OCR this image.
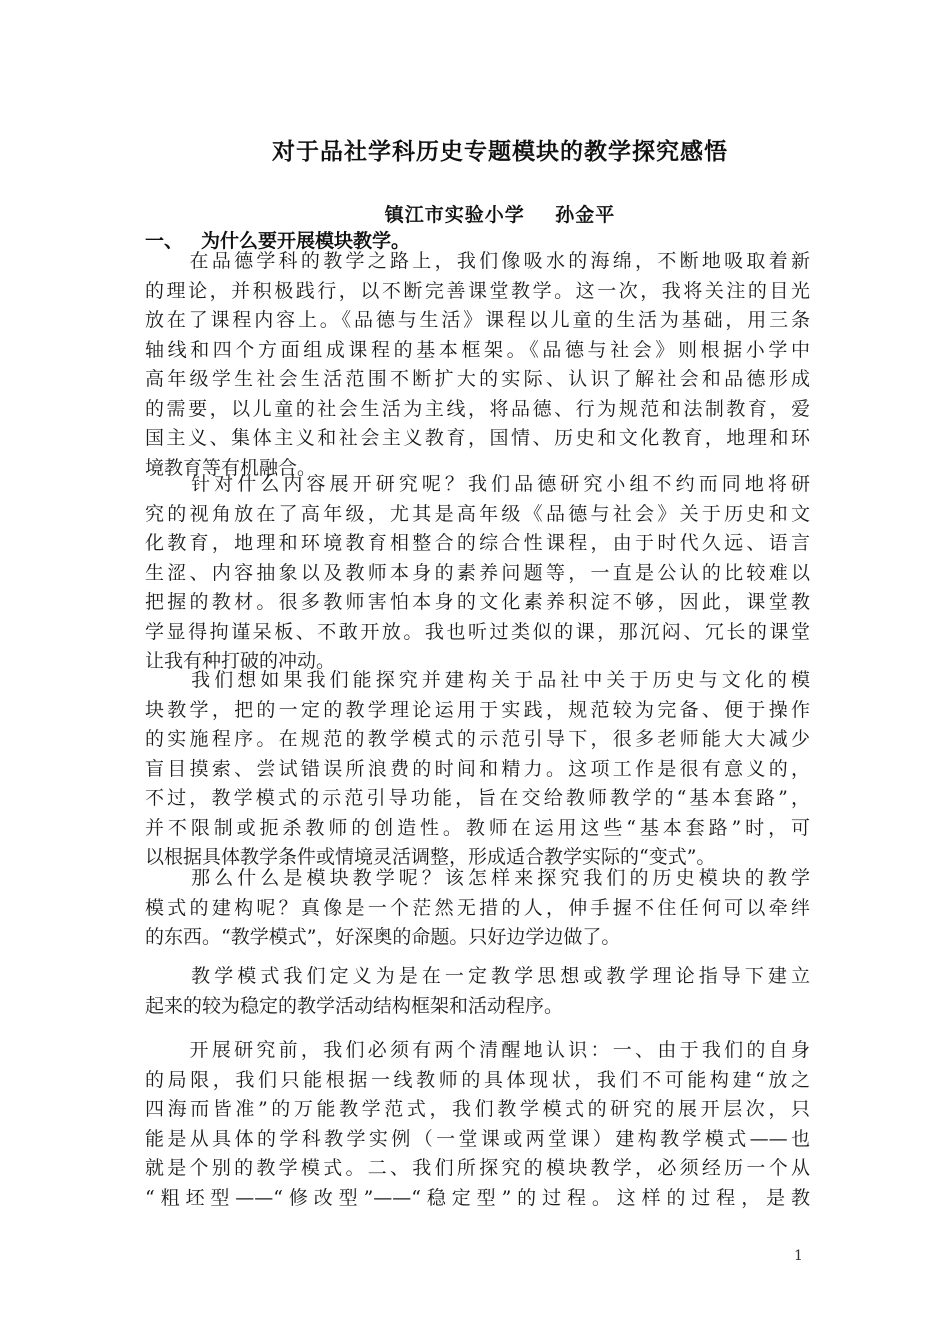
对于品社学科历史专题模块的教学探究感悟
镇江市实验小学    孙金平
一、 为什么要开展模块教学。
　　在品德学科的教学之路上，我们像吸水的海绵，不断地吸取着新
的理论，并积极践行，以不断完善课堂教学。这一次，我将关注的目光
放在了课程内容上。《品德与生活》课程以儿童的生活为基础，用三条
轴线和四个方面组成课程的基本框架。《品德与社会》则根据小学中
高年级学生社会生活范围不断扩大的实际、认识了解社会和品德形成
的需要，以儿童的社会生活为主线，将品德、行为规范和法制教育，爱
国主义、集体主义和社会主义教育，国情、历史和文化教育，地理和环
境教育等有机融合。
　　针对什么内容展开研究呢？我们品德研究小组不约而同地将研
究的视角放在了高年级，尤其是高年级《品德与社会》关于历史和文
化教育，地理和环境教育相整合的综合性课程，由于时代久远、语言
生涩、内容抽象以及教师本身的素养问题等，一直是公认的比较难以
把握的教材。很多教师害怕本身的文化素养积淀不够，因此，课堂教
学显得拘谨呆板、不敢开放。我也听过类似的课，那沉闷、冗长的课堂
让我有种打破的冲动。
　　我们想如果我们能探究并建构关于品社中关于历史与文化的模
块教学，把的一定的教学理论运用于实践，规范较为完备、便于操作
的实施程序。在规范的教学模式的示范引导下，很多老师能大大减少
盲目摸索、尝试错误所浪费的时间和精力。这项工作是很有意义的，
不过，教学模式的示范引导功能，旨在交给教师教学的“基本套路”，
并不限制或扼杀教师的创造性。教师在运用这些“基本套路”时，可
以根据具体教学条件或情境灵活调整，形成适合教学实际的“变式”。
　　那么什么是模块教学呢？该怎样来探究我们的历史模块的教学
模式的建构呢？真像是一个茫然无措的人，伸手握不住任何可以牵绊
的东西。“教学模式”，好深奥的命题。只好边学边做了。
　　教学模式我们定义为是在一定教学思想或教学理论指导下建立
起来的较为稳定的教学活动结构框架和活动程序。
　　开展研究前，我们必须有两个清醒地认识：一、由于我们的自身
的局限，我们只能根据一线教师的具体现状，我们不可能构建“放之
四海而皆准”的万能教学范式，我们教学模式的研究的展开层次，只
能是从具体的学科教学实例（一堂课或两堂课）建构教学模式——也
就是个别的教学模式。二、我们所探究的模块教学，必须经历一个从
“粗坯型——“修改型”——“稳定型”的过程。这样的过程，是教
1
